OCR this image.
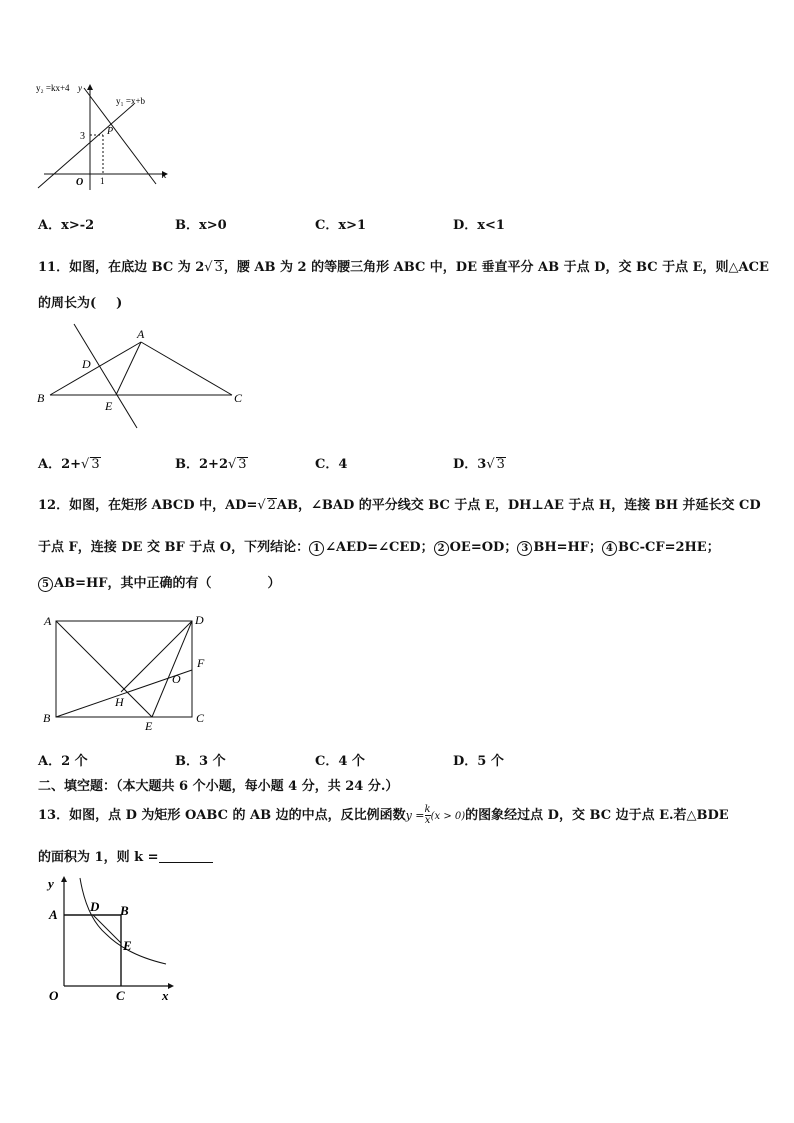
y₂ =kx+4 y
y₁ =x+b
P
3
O 1	x
A．x>-2	B．x>0	C．x>1	D．x<1
11．如图，在底边 BC 为 2√ 3，腰 AB 为 2 的等腰三角形 ABC 中，DE 垂直平分 AB 于点 D，交 BC 于点 E，则△ACE
的周长为( )
A
B	C
D
E
A．2+√ 3	B．2+2√ 3	C．4	D．3√ 3
12．如图，在矩形 ABCD 中，AD=√ 2AB，∠BAD 的平分线交 BC 于点 E，DH⊥AE 于点 H，连接 BH 并延长交 CD
于点 F，连接 DE 交 BF 于点 O，下列结论： 1 ∠AED=∠CED； 2 OE=OD； 3 BH=HF； 4 BC-CF=2HE；
5 AB=HF，其中正确的有（	）
A	D
F
O
H
B
E
C
A．2 个	B．3 个	C．4 个	D．5 个
二、填空题：（本大题共 6 个小题，每小题 4 分，共 24 分.）
13．如图，点 D 为矩形 OABC 的 AB 边的中点，反比例函数$y = \frac{k}{x} (x > 0)$的图象经过点 D，交 BC 边于点 E.若△BDE
的面积为 1，则 k =
y
A
D B
E
O	C	x
